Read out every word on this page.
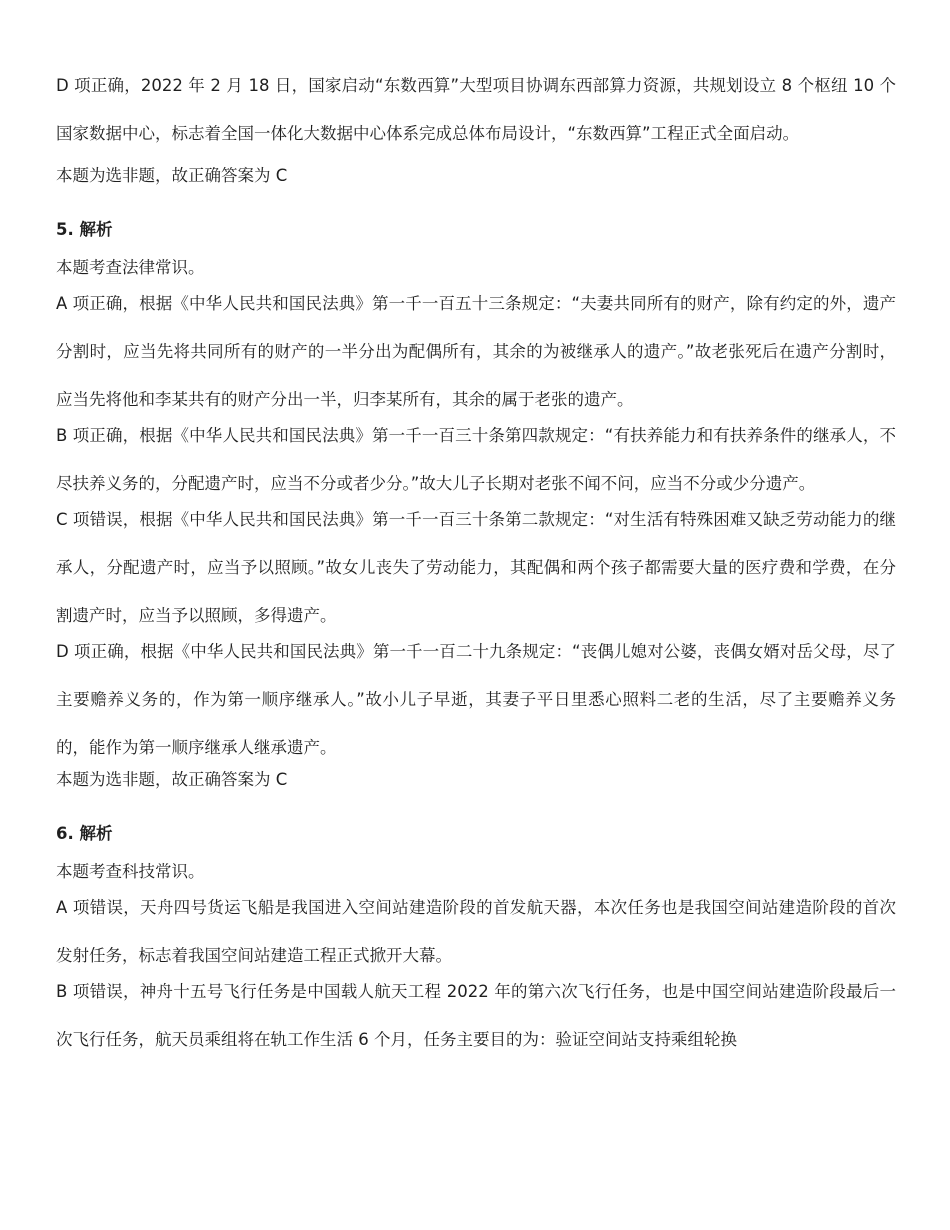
D 项正确，2022 年 2 月 18 日，国家启动“东数西算”大型项目协调东西部算力资源，共规划设立 8 个枢纽 10 个国家数据中心，标志着全国一体化大数据中心体系完成总体布局设计，“东数西算”工程正式全面启动。

本题为选非题，故正确答案为 C

5. 解析

本题考查法律常识。

A 项正确，根据《中华人民共和国民法典》第一千一百五十三条规定：“夫妻共同所有的财产，除有约定的外，遗产分割时，应当先将共同所有的财产的一半分出为配偶所有，其余的为被继承人的遗产。”故老张死后在遗产分割时，应当先将他和李某共有的财产分出一半，归李某所有，其余的属于老张的遗产。

B 项正确，根据《中华人民共和国民法典》第一千一百三十条第四款规定：“有扶养能力和有扶养条件的继承人，不尽扶养义务的，分配遗产时，应当不分或者少分。”故大儿子长期对老张不闻不问，应当不分或少分遗产。

C 项错误，根据《中华人民共和国民法典》第一千一百三十条第二款规定：“对生活有特殊困难又缺乏劳动能力的继承人，分配遗产时，应当予以照顾。”故女儿丧失了劳动能力，其配偶和两个孩子都需要大量的医疗费和学费，在分割遗产时，应当予以照顾，多得遗产。

D 项正确，根据《中华人民共和国民法典》第一千一百二十九条规定：“丧偶儿媳对公婆，丧偶女婿对岳父母，尽了主要赡养义务的，作为第一顺序继承人。”故小儿子早逝，其妻子平日里悉心照料二老的生活，尽了主要赡养义务的，能作为第一顺序继承人继承遗产。

本题为选非题，故正确答案为 C

6. 解析

本题考查科技常识。

A 项错误，天舟四号货运飞船是我国进入空间站建造阶段的首发航天器，本次任务也是我国空间站建造阶段的首次发射任务，标志着我国空间站建造工程正式掀开大幕。

B 项错误，神舟十五号飞行任务是中国载人航天工程 2022 年的第六次飞行任务，也是中国空间站建造阶段最后一次飞行任务，航天员乘组将在轨工作生活 6 个月，任务主要目的为：验证空间站支持乘组轮换
